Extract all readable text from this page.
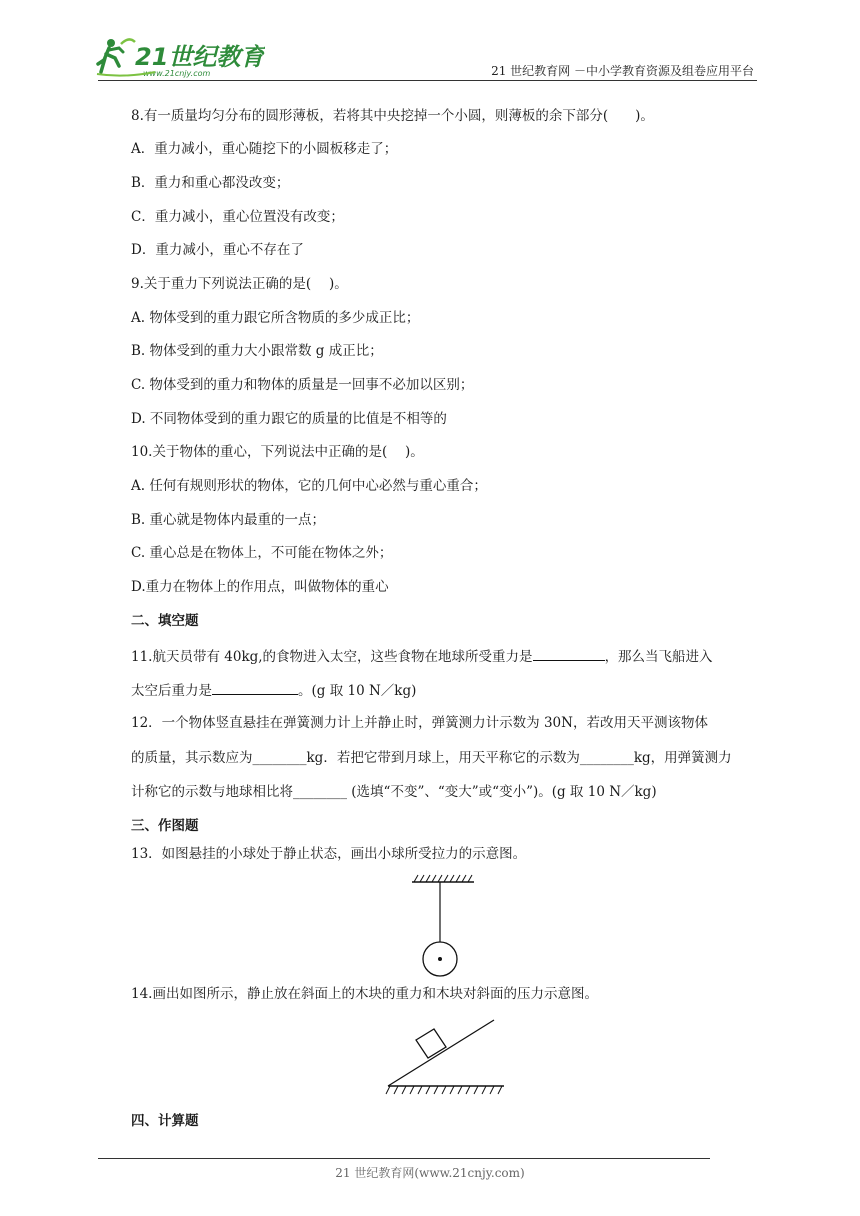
21世纪教育
www.21cnjy.com	21 世纪教育网 －中小学教育资源及组卷应用平台
8.有一质量均匀分布的圆形薄板，若将其中央挖掉一个小圆，则薄板的余下部分(　　)。
A．重力减小，重心随挖下的小圆板移走了；
B．重力和重心都没改变；
C．重力减小，重心位置没有改变；
D．重力减小，重心不存在了
9.关于重力下列说法正确的是(　 )。
A. 物体受到的重力跟它所含物质的多少成正比；
B. 物体受到的重力大小跟常数 g 成正比；
C. 物体受到的重力和物体的质量是一回事不必加以区别；
D. 不同物体受到的重力跟它的质量的比值是不相等的
10.关于物体的重心，下列说法中正确的是(　 )。
A. 任何有规则形状的物体，它的几何中心必然与重心重合；
B. 重心就是物体内最重的一点；
C. 重心总是在物体上，不可能在物体之外；
D.重力在物体上的作用点，叫做物体的重心
二、填空题
11.航天员带有 40kg,的食物进入太空，这些食物在地球所受重力是	，那么当飞船进入
太空后重力是	。(g 取 10 N／kg)
12．一个物体竖直悬挂在弹簧测力计上并静止时，弹簧测力计示数为 30N，若改用天平测该物体
的质量，其示数应为________kg．若把它带到月球上，用天平称它的示数为________kg，用弹簧测力
计称它的示数与地球相比将________ (选填“不变”、“变大”或“变小”)。(g 取 10 N／kg)
三、作图题
13．如图悬挂的小球处于静止状态，画出小球所受拉力的示意图。
14.画出如图所示，静止放在斜面上的木块的重力和木块对斜面的压力示意图。
四、计算题
21 世纪教育网(www.21cnjy.com)
